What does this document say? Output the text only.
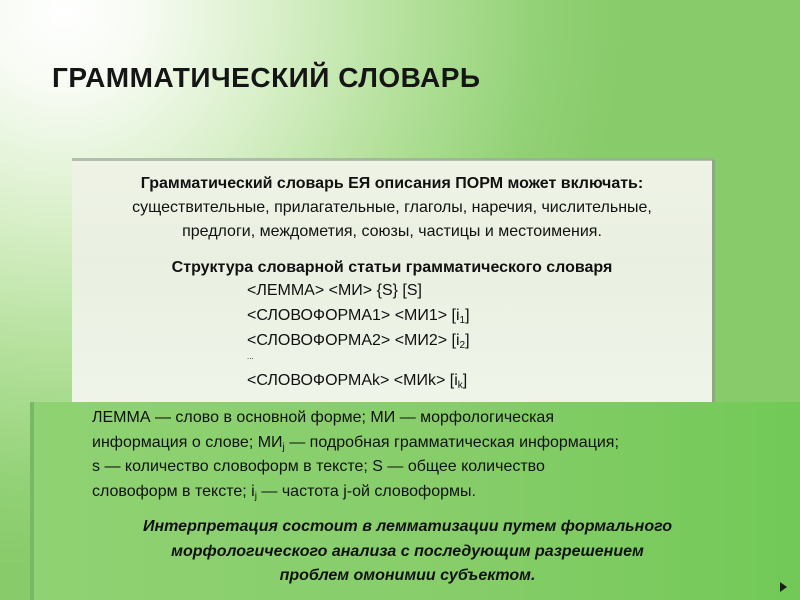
ГРАММАТИЧЕСКИЙ СЛОВАРЬ
Грамматический словарь ЕЯ описания ПОРМ может включать:
существительные, прилагательные, глаголы, наречия, числительные,
предлоги, междометия, союзы, частицы и местоимения.
Структура словарной статьи грамматического словаря
<ЛЕММА> <МИ> {S} [S]
<СЛОВОФОРМА1> $<МИ1> [i_1]$
<СЛОВОФОРМА2> $<МИ2> [i_2]$
...
<СЛОВОФОРМАk> $<МИk> [i_k]$
ЛЕММА — слово в основной форме; МИ — морфологическая
информация о слове; $МИ_j$ — подробная грамматическая информация;
s — количество словоформ в тексте; S — общее количество
словоформ в тексте; $i_j$ — частота j-ой словоформы.
Интерпретация состоит в лемматизации путем формального
морфологического анализа с последующим разрешением
проблем омонимии субъектом.
